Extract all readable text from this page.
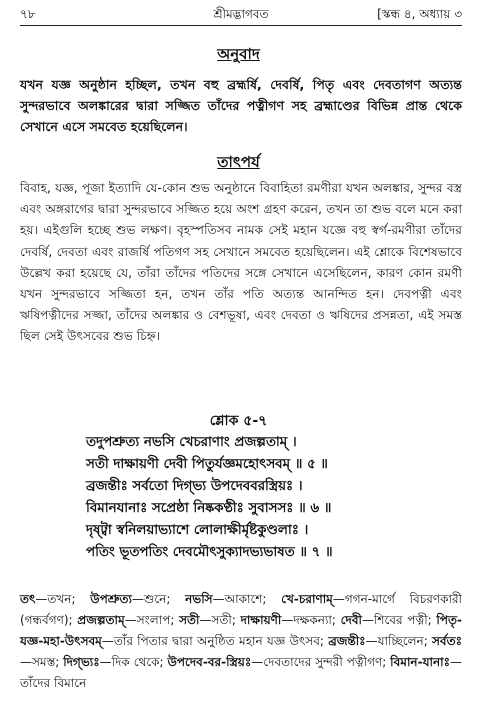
শ্রীমদ্ভাগবত
৭৮	[স্কন্ধ ৪, অধ্যায় ৩
অনুবাদ
যখন যজ্ঞ অনুষ্ঠান হচ্ছিল, তখন বহু ব্রহ্মর্ষি, দেবর্ষি, পিতৃ এবং দেবতাগণ অত্যন্ত সুন্দরভাবে অলঙ্কারের দ্বারা সজ্জিত তাঁদের পত্নীগণ সহ ব্রহ্মাণ্ডের বিভিন্ন প্রান্ত থেকে সেখানে এসে সমবেত হয়েছিলেন।
তাৎপর্য
বিবাহ, যজ্ঞ, পূজা ইত্যাদি যে-কোন শুভ অনুষ্ঠানে বিবাহিতা রমণীরা যখন অলঙ্কার, সুন্দর বস্ত্র এবং অঙ্গরাগের দ্বারা সুন্দরভাবে সজ্জিত হয়ে অংশ গ্রহণ করেন, তখন তা শুভ বলে মনে করা হয়। এইগুলি হচ্ছে শুভ লক্ষণ। বৃহস্পতিসব নামক সেই মহান যজ্ঞে বহু স্বর্গ-রমণীরা তাঁদের দেবর্ষি, দেবতা এবং রাজর্ষি পতিগণ সহ সেখানে সমবেত হয়েছিলেন। এই শ্লোকে বিশেষভাবে উল্লেখ করা হয়েছে যে, তাঁরা তাঁদের পতিদের সঙ্গে সেখানে এসেছিলেন, কারণ কোন রমণী যখন সুন্দরভাবে সজ্জিতা হন, তখন তাঁর পতি অত্যন্ত আনন্দিত হন। দেবপত্নী এবং ঋষিপত্নীদের সজ্জা, তাঁদের অলঙ্কার ও বেশভূষা, এবং দেবতা ও ঋষিদের প্রসন্নতা, এই সমস্ত ছিল সেই উৎসবের শুভ চিহ্ন।
শ্লোক ৫-৭
তদুপশ্রুত্য নভসি খেচরাণাং প্রজল্পতাম্ ।
সতী দাক্ষায়ণী দেবী পিতুর্যজ্ঞমহোৎসবম্ ॥ ৫ ॥
ব্রজন্তীঃ সর্বতো দিগ্‌ভ্য উপদেববরস্ত্রিয়ঃ ।
বিমানযানাঃ সপ্রেষ্ঠা নিষ্ককণ্ঠীঃ সুবাসসঃ ॥ ৬ ॥
দৃষ্ট্বা স্বনিলয়াভ্যাশে লোলাক্ষীর্মৃষ্টকুণ্ডলাঃ ।
পতিং ভূতপতিং দেবমৌৎসুক্যাদভ্যভাষত ॥ ৭ ॥
তৎ—তখন; উপশ্রুত্য—শুনে; নভসি—আকাশে; খে-চরাণাম্—গগন-মার্গে বিচরণকারী (গন্ধর্বগণ); প্রজল্পতাম্—সংলাপ; সতী—সতী; দাক্ষায়ণী—দক্ষকন্যা; দেবী—শিবের পত্নী; পিতৃ-যজ্ঞ-মহা-উৎসবম্—তাঁর পিতার দ্বারা অনুষ্ঠিত মহান যজ্ঞ উৎসব; ব্রজন্তীঃ—যাচ্ছিলেন; সর্বতঃ—সমস্ত; দিগ্‌ভ্যঃ—দিক থেকে; উপদেব-বর-স্ত্রিয়ঃ—দেবতাদের সুন্দরী পত্নীগণ; বিমান-যানাঃ—তাঁদের বিমানে
